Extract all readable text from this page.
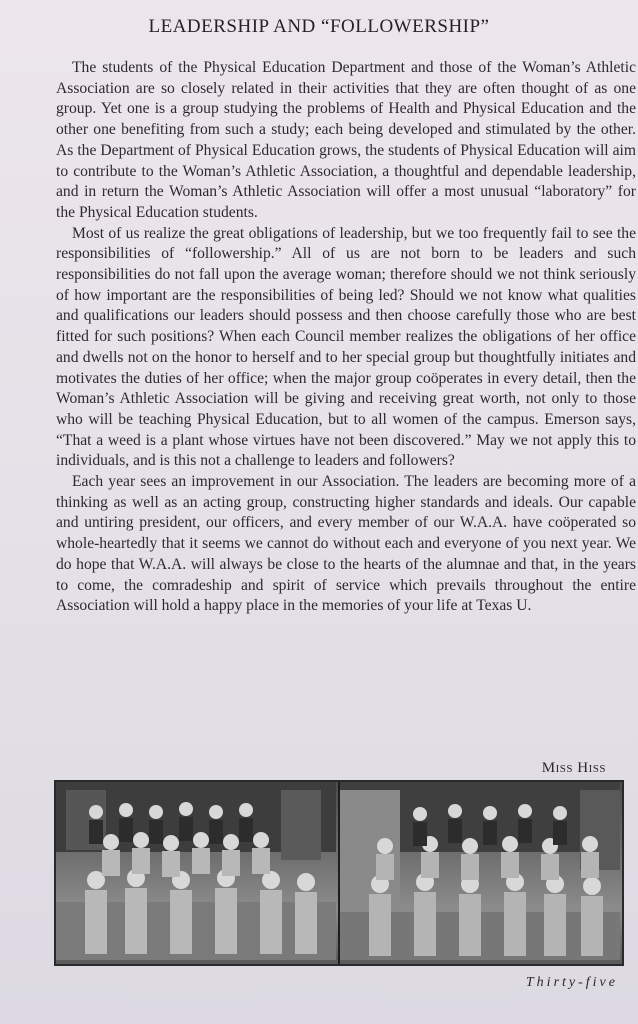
LEADERSHIP AND “FOLLOWERSHIP”

The students of the Physical Education Department and those of the Woman’s Athletic Association are so closely related in their activities that they are often thought of as one group. Yet one is a group studying the problems of Health and Physical Education and the other one benefiting from such a study; each being developed and stimulated by the other. As the Department of Physical Education grows, the students of Physical Education will aim to contribute to the Woman’s Athletic Association, a thoughtful and dependable leadership, and in return the Woman’s Athletic Association will offer a most unusual “laboratory” for the Physical Education students.

Most of us realize the great obligations of leadership, but we too frequently fail to see the responsibilities of “followership.” All of us are not born to be leaders and such responsibilities do not fall upon the average woman; therefore should we not think seriously of how important are the responsibilities of being led? Should we not know what qualities and qualifications our leaders should possess and then choose carefully those who are best fitted for such positions? When each Council member realizes the obligations of her office and dwells not on the honor to herself and to her special group but thoughtfully initiates and motivates the duties of her office; when the major group coöperates in every detail, then the Woman’s Athletic Association will be giving and receiving great worth, not only to those who will be teaching Physical Education, but to all women of the campus. Emerson says, “That a weed is a plant whose virtues have not been discovered.” May we not apply this to individuals, and is this not a challenge to leaders and followers?

Each year sees an improvement in our Association. The leaders are becoming more of a thinking as well as an acting group, constructing higher standards and ideals. Our capable and untiring president, our officers, and every member of our W.A.A. have coöperated so whole-heartedly that it seems we cannot do without each and everyone of you next year. We do hope that W.A.A. will always be close to the hearts of the alumnae and that, in the years to come, the comradeship and spirit of service which prevails throughout the entire Association will hold a happy place in the memories of your life at Texas U.

Miss Hiss
Thirty-five
